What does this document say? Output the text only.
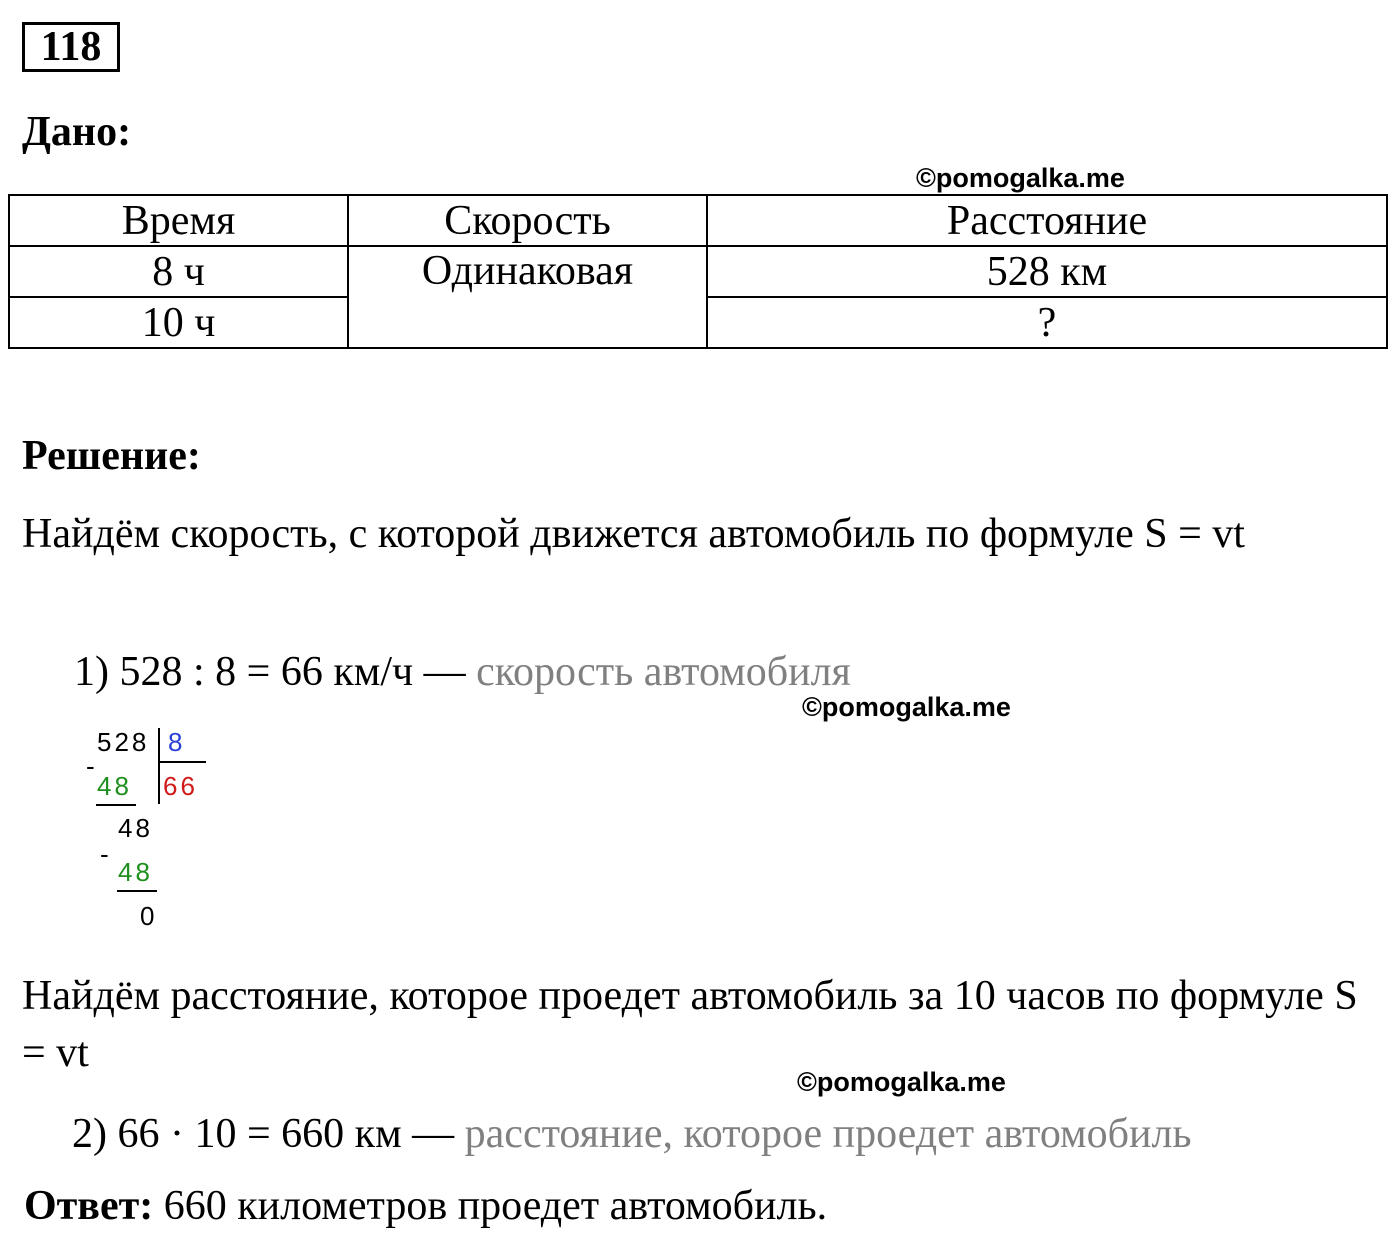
118
Дано:
©pomogalka.me
Время	Скорость	Расстояние
8 ч	Одинаковая	528 км
10 ч		?
Решение:
Найдём скорость, с которой движется автомобиль по формуле S = vt
1) 528 : 8 = 66 км/ч — скорость автомобиля
©pomogalka.me
528 8
-
48 66
48
-
48
0
Найдём расстояние, которое проедет автомобиль за 10 часов по формуле S = vt
©pomogalka.me
2) 66 · 10 = 660 км — расстояние, которое проедет автомобиль
Ответ: 660 километров проедет автомобиль.
